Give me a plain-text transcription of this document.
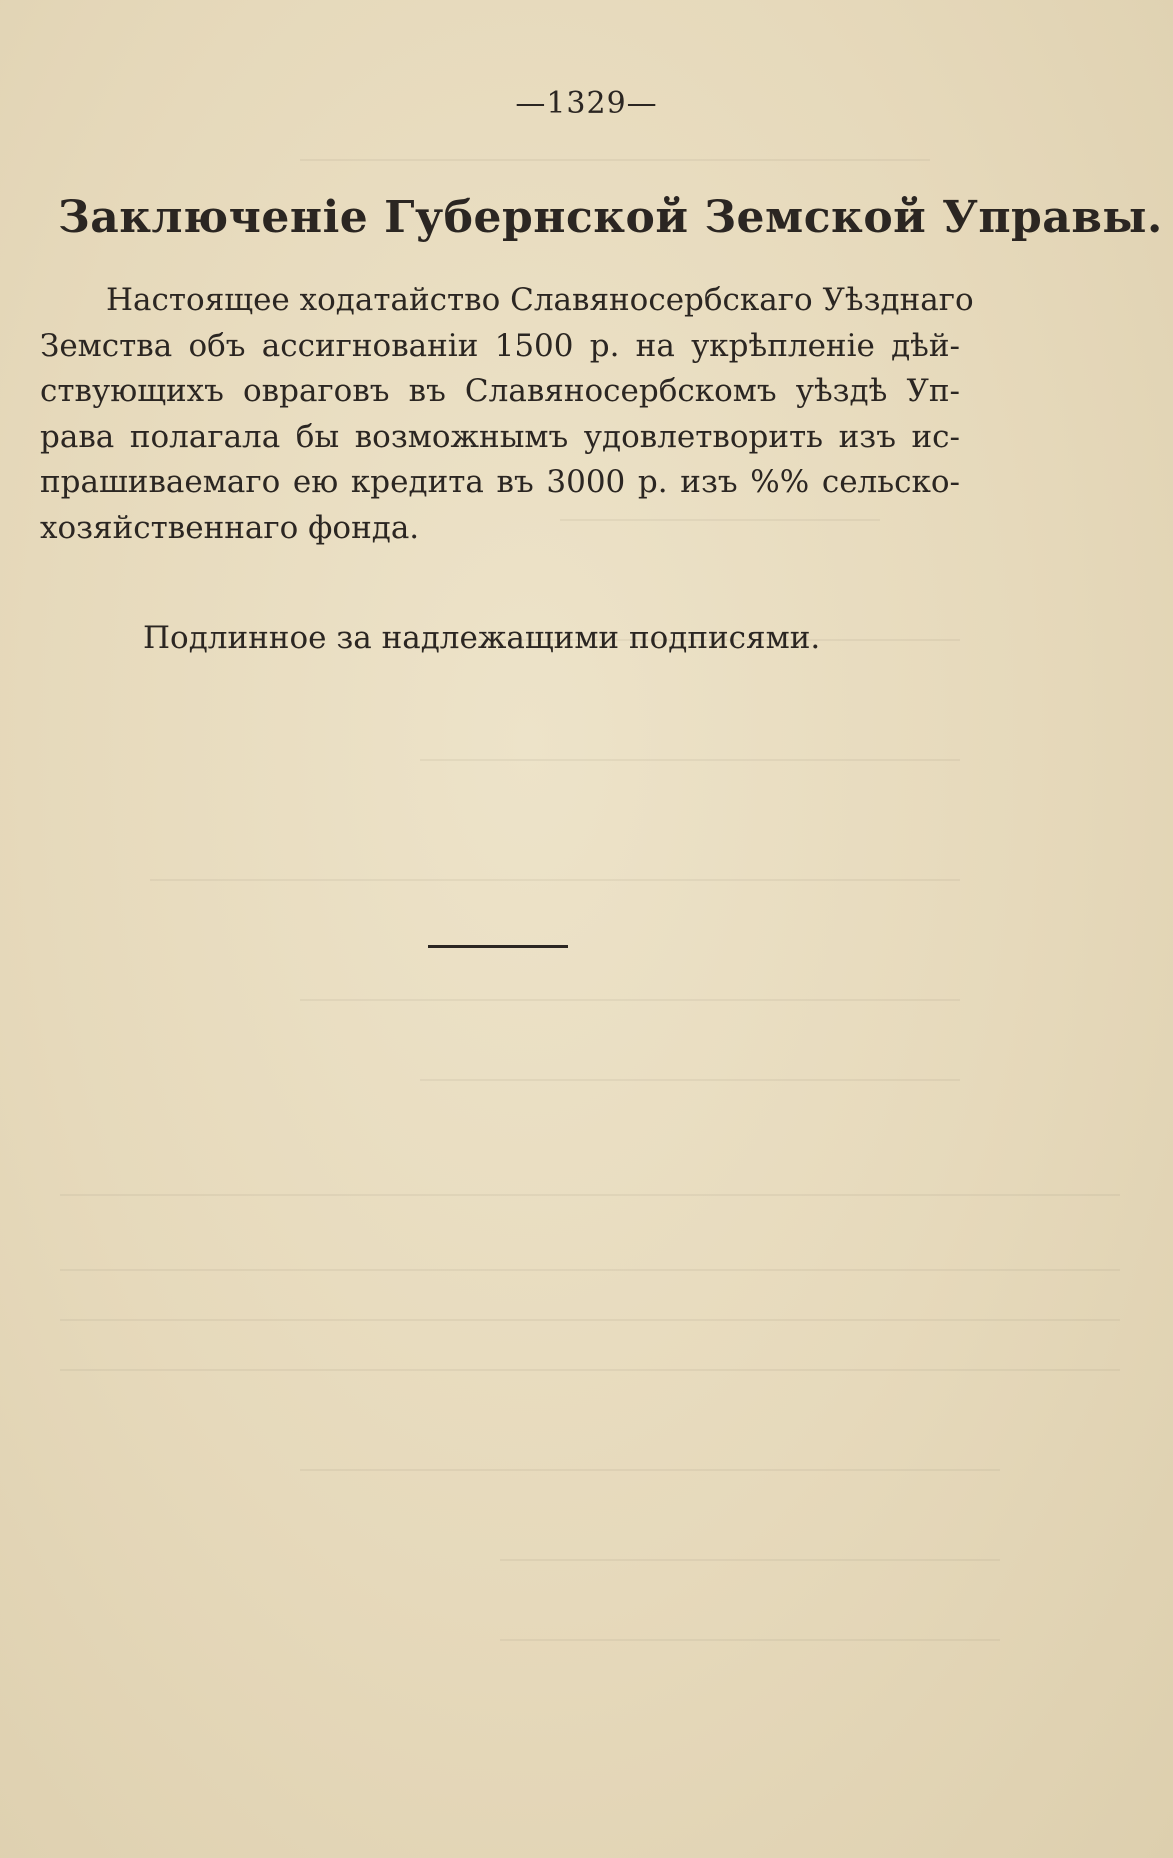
—1329—
Заключеніе Губернской Земской Управы.
Настоящее ходатайство Славяносербскаго Уѣзднаго
Земства объ ассигнованіи 1500 р. на укрѣпленіе дѣй-
ствующихъ овраговъ въ Славяносербскомъ уѣздѣ Уп-
рава полагала бы возможнымъ удовлетворить изъ ис-
прашиваемаго ею кредита въ 3000 р. изъ %% сельско-
хозяйственнаго фонда.
Подлинное за надлежащими подписями.
